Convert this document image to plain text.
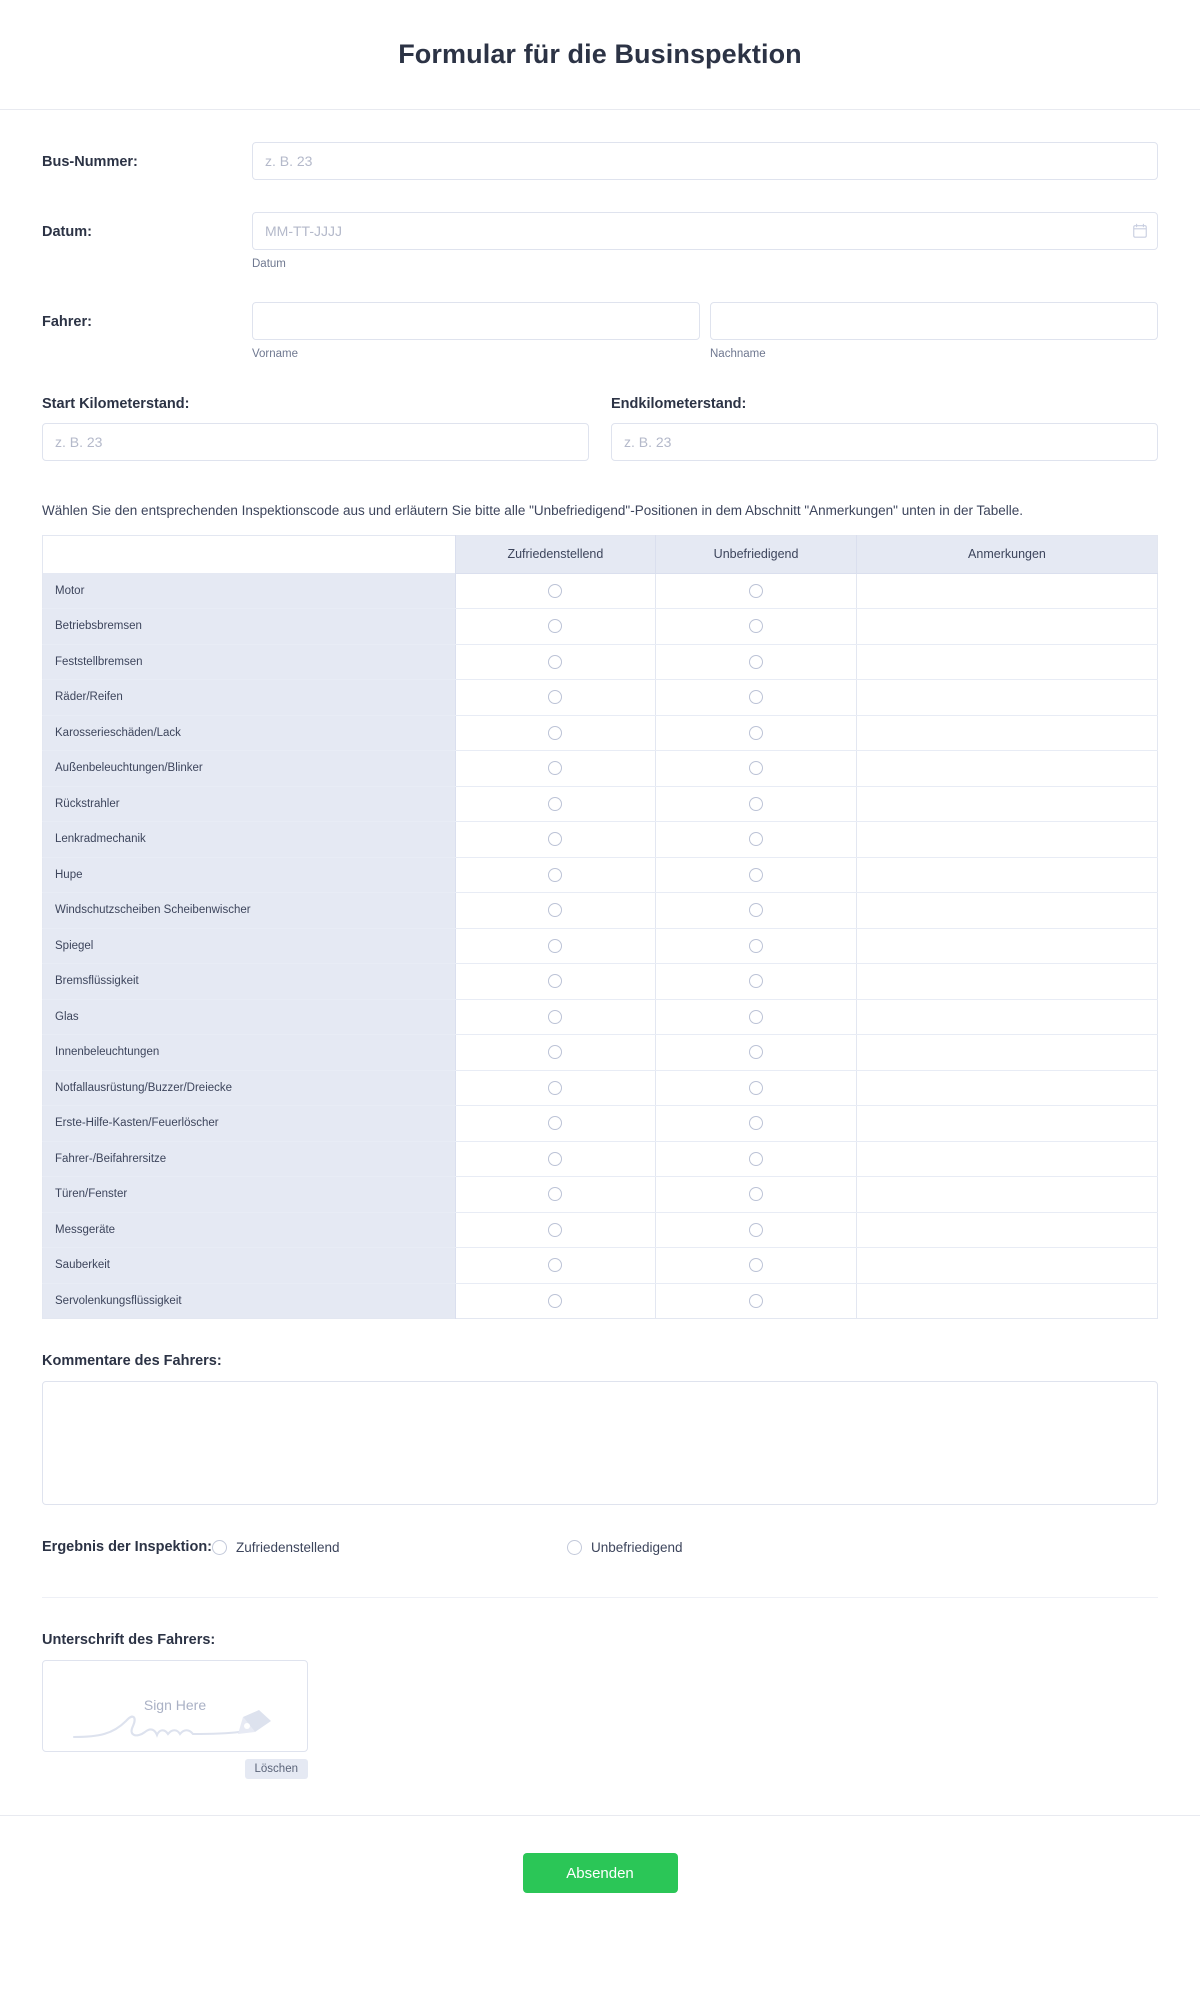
Formular für die Businspektion
Bus-Nummer:
z. B. 23
Datum:
MM-TT-JJJJ
Datum
Fahrer:
Vorname	Nachname
Start Kilometerstand:
z. B. 23	Endkilometerstand:
z. B. 23
Wählen Sie den entsprechenden Inspektionscode aus und erläutern Sie bitte alle "Unbefriedigend"-Positionen in dem Abschnitt "Anmerkungen" unten in der Tabelle.
	Zufriedenstellend	Unbefriedigend	Anmerkungen
Motor			
Betriebsbremsen			
Feststellbremsen			
Räder/Reifen			
Karosserieschäden/Lack			
Außenbeleuchtungen/Blinker			
Rückstrahler			
Lenkradmechanik			
Hupe			
Windschutzscheiben Scheibenwischer			
Spiegel			
Bremsflüssigkeit			
Glas			
Innenbeleuchtungen			
Notfallausrüstung/Buzzer/Dreiecke			
Erste-Hilfe-Kasten/Feuerlöscher			
Fahrer-/Beifahrersitze			
Türen/Fenster			
Messgeräte			
Sauberkeit			
Servolenkungsflüssigkeit			
Kommentare des Fahrers:
Ergebnis der Inspektion: Zufriedenstellend	Unbefriedigend
Unterschrift des Fahrers:
Sign Here
Löschen
Absenden
